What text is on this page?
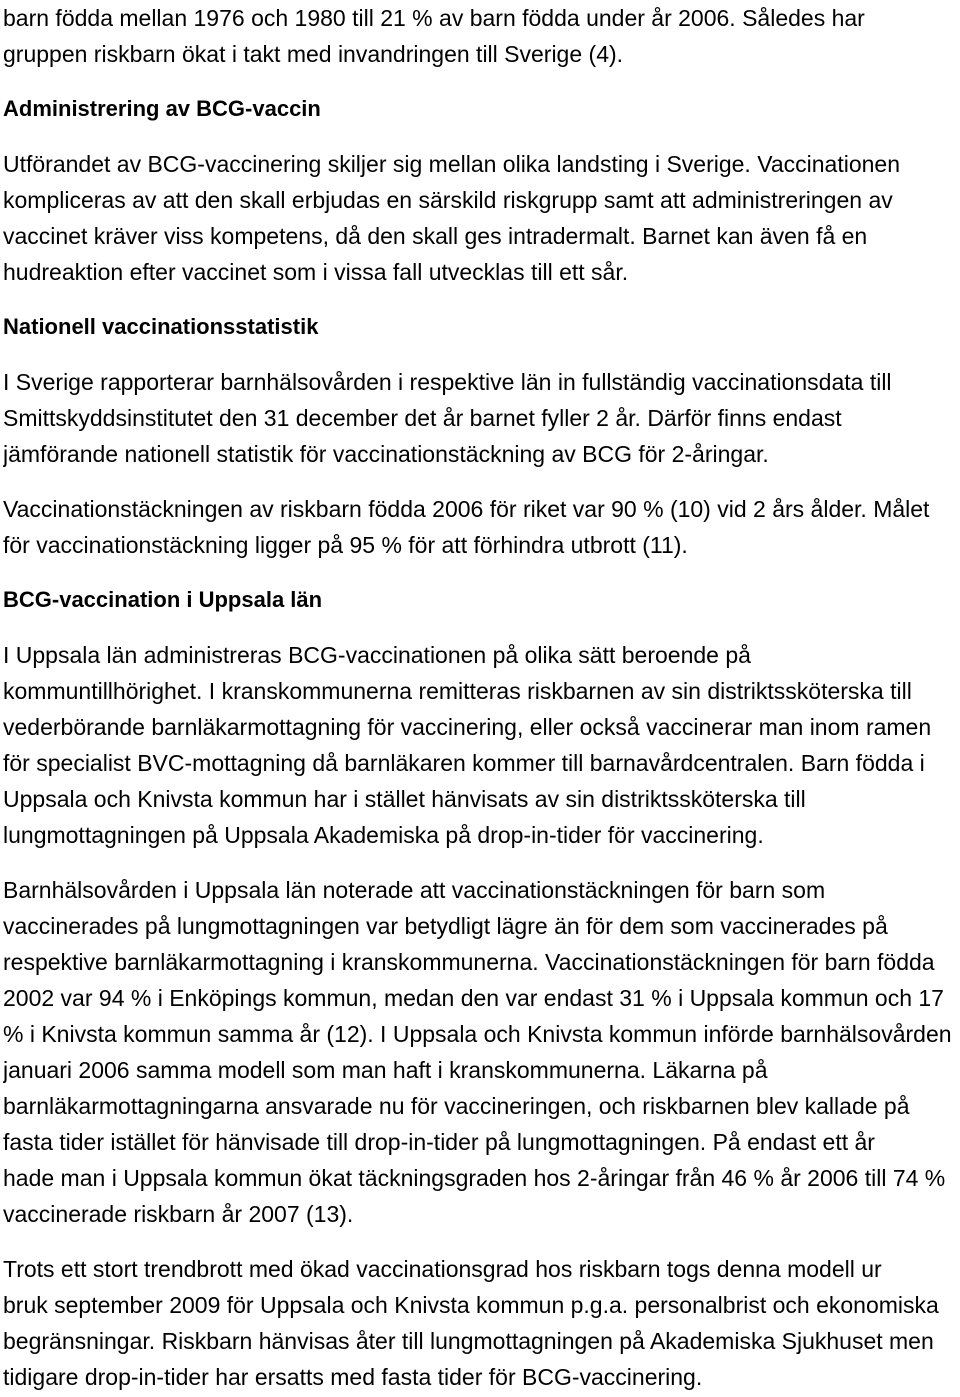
barn födda mellan 1976 och 1980 till 21 % av barn födda under år 2006. Således har
gruppen riskbarn ökat i takt med invandringen till Sverige (4).
Administrering av BCG-vaccin
Utförandet av BCG-vaccinering skiljer sig mellan olika landsting i Sverige. Vaccinationen
kompliceras av att den skall erbjudas en särskild riskgrupp samt att administreringen av
vaccinet kräver viss kompetens, då den skall ges intradermalt. Barnet kan även få en
hudreaktion efter vaccinet som i vissa fall utvecklas till ett sår.
Nationell vaccinationsstatistik
I Sverige rapporterar barnhälsovården i respektive län in fullständig vaccinationsdata till
Smittskyddsinstitutet den 31 december det år barnet fyller 2 år. Därför finns endast
jämförande nationell statistik för vaccinationstäckning av BCG för 2-åringar.
Vaccinationstäckningen av riskbarn födda 2006 för riket var 90 % (10) vid 2 års ålder. Målet
för vaccinationstäckning ligger på 95 % för att förhindra utbrott (11).
BCG-vaccination i Uppsala län
I Uppsala län administreras BCG-vaccinationen på olika sätt beroende på
kommuntillhörighet. I kranskommunerna remitteras riskbarnen av sin distriktssköterska till
vederbörande barnläkarmottagning för vaccinering, eller också vaccinerar man inom ramen
för specialist BVC-mottagning då barnläkaren kommer till barnavårdcentralen. Barn födda i
Uppsala och Knivsta kommun har i stället hänvisats av sin distriktssköterska till
lungmottagningen på Uppsala Akademiska på drop-in-tider för vaccinering.
Barnhälsovården i Uppsala län noterade att vaccinationstäckningen för barn som
vaccinerades på lungmottagningen var betydligt lägre än för dem som vaccinerades på
respektive barnläkarmottagning i kranskommunerna. Vaccinationstäckningen för barn födda
2002 var 94 % i Enköpings kommun, medan den var endast 31 % i Uppsala kommun och 17
% i Knivsta kommun samma år (12). I Uppsala och Knivsta kommun införde barnhälsovården
januari 2006 samma modell som man haft i kranskommunerna. Läkarna på
barnläkarmottagningarna ansvarade nu för vaccineringen, och riskbarnen blev kallade på
fasta tider istället för hänvisade till drop-in-tider på lungmottagningen. På endast ett år
hade man i Uppsala kommun ökat täckningsgraden hos 2-åringar från 46 % år 2006 till 74 %
vaccinerade riskbarn år 2007 (13).
Trots ett stort trendbrott med ökad vaccinationsgrad hos riskbarn togs denna modell ur
bruk september 2009 för Uppsala och Knivsta kommun p.g.a. personalbrist och ekonomiska
begränsningar. Riskbarn hänvisas åter till lungmottagningen på Akademiska Sjukhuset men
tidigare drop-in-tider har ersatts med fasta tider för BCG-vaccinering.
